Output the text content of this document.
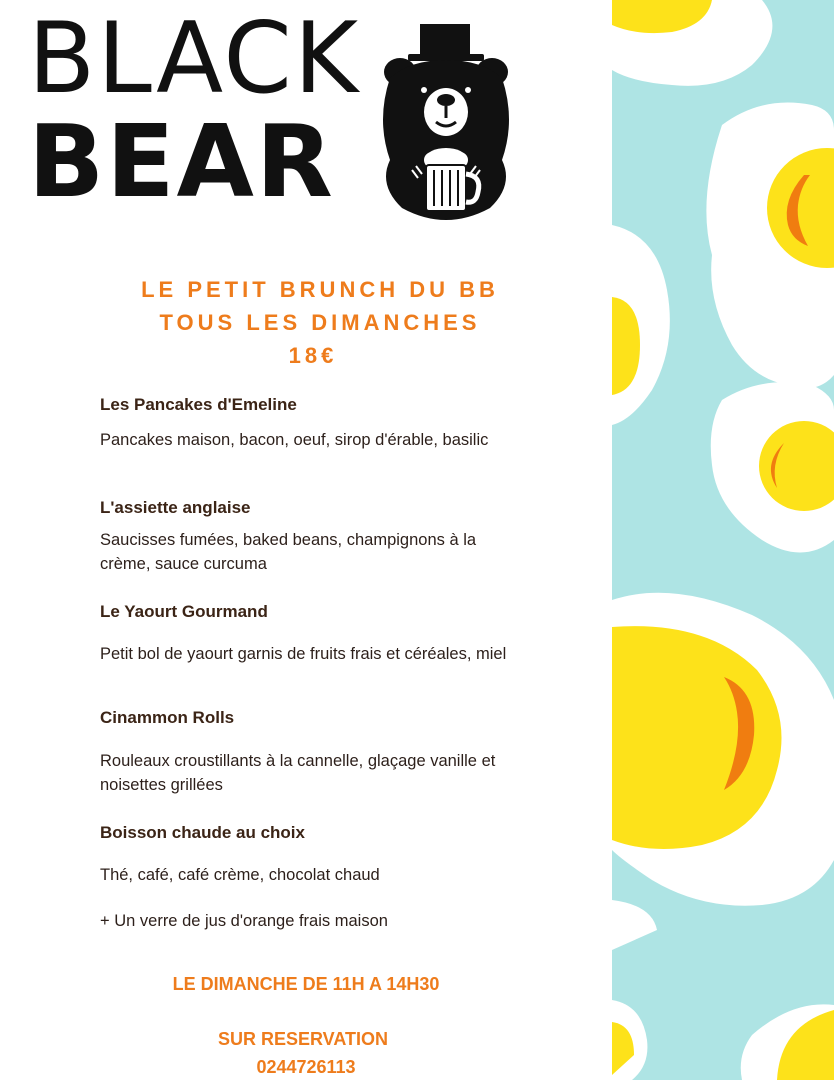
BLACK
BEAR

LE PETIT BRUNCH DU BB

TOUS LES DIMANCHES

18€

Les Pancakes d'Emeline

Pancakes maison, bacon, oeuf, sirop d'érable, basilic

L'assiette anglaise

Saucisses fumées, baked beans, champignons à la crème, sauce curcuma

Le Yaourt Gourmand

Petit bol de yaourt garnis de fruits frais et céréales, miel

Cinammon Rolls

Rouleaux croustillants à la cannelle, glaçage vanille et noisettes grillées

Boisson chaude au choix

Thé, café, café crème, chocolat chaud

+ Un verre de jus d'orange frais maison

LE DIMANCHE DE 11H A 14H30

SUR RESERVATION

0244726113
